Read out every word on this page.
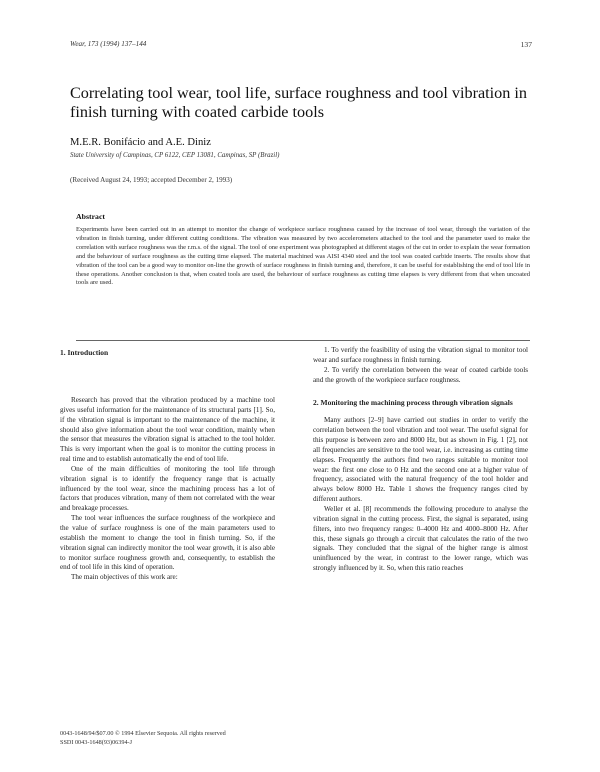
Wear, 173 (1994) 137–144	137
Correlating tool wear, tool life, surface roughness and tool vibration in finish turning with coated carbide tools
M.E.R. Bonifácio and A.E. Diniz
State University of Campinas, CP 6122, CEP 13081, Campinas, SP (Brazil)
(Received August 24, 1993; accepted December 2, 1993)
Abstract
Experiments have been carried out in an attempt to monitor the change of workpiece surface roughness caused by the increase of tool wear, through the variation of the vibration in finish turning, under different cutting conditions. The vibration was measured by two accelerometers attached to the tool and the parameter used to make the correlation with surface roughness was the r.m.s. of the signal. The tool of one experiment was photographed at different stages of the cut in order to explain the wear formation and the behaviour of surface roughness as the cutting time elapsed. The material machined was AISI 4340 steel and the tool was coated carbide inserts. The results show that vibration of the tool can be a good way to monitor on-line the growth of surface roughness in finish turning and, therefore, it can be useful for establishing the end of tool life in these operations. Another conclusion is that, when coated tools are used, the behaviour of surface roughness as cutting time elapses is very different from that when uncoated tools are used.

1. Introduction

Research has proved that the vibration produced by a machine tool gives useful information for the maintenance of its structural parts [1]. So, if the vibration signal is important to the maintenance of the machine, it should also give information about the tool wear condition, mainly when the sensor that measures the vibration signal is attached to the tool holder. This is very important when the goal is to monitor the cutting process in real time and to establish automatically the end of tool life.

One of the main difficulties of monitoring the tool life through vibration signal is to identify the frequency range that is actually influenced by the tool wear, since the machining process has a lot of factors that produces vibration, many of them not correlated with the wear and breakage processes.

The tool wear influences the surface roughness of the workpiece and the value of surface roughness is one of the main parameters used to establish the moment to change the tool in finish turning. So, if the vibration signal can indirectly monitor the tool wear growth, it is also able to monitor surface roughness growth and, consequently, to establish the end of tool life in this kind of operation.

The main objectives of this work are:

1. To verify the feasibility of using the vibration signal to monitor tool wear and surface roughness in finish turning.

2. To verify the correlation between the wear of coated carbide tools and the growth of the workpiece surface roughness.

2. Monitoring the machining process through vibration signals

Many authors [2–9] have carried out studies in order to verify the correlation between the tool vibration and tool wear. The useful signal for this purpose is between zero and 8000 Hz, but as shown in Fig. 1 [2], not all frequencies are sensitive to the tool wear, i.e. increasing as cutting time elapses. Frequently the authors find two ranges suitable to monitor tool wear: the first one close to 0 Hz and the second one at a higher value of frequency, associated with the natural frequency of the tool holder and always below 8000 Hz. Table 1 shows the frequency ranges cited by different authors.

Weller et al. [8] recommends the following procedure to analyse the vibration signal in the cutting process. First, the signal is separated, using filters, into two frequency ranges: 0–4000 Hz and 4000–8000 Hz. After this, these signals go through a circuit that calculates the ratio of the two signals. They concluded that the signal of the higher range is almost uninfluenced by the wear, in contrast to the lower range, which was strongly influenced by it. So, when this ratio reaches

0043-1648/94/$07.00 © 1994 Elsevier Sequoia. All rights reserved
SSDI 0043-1648(93)06394-J
